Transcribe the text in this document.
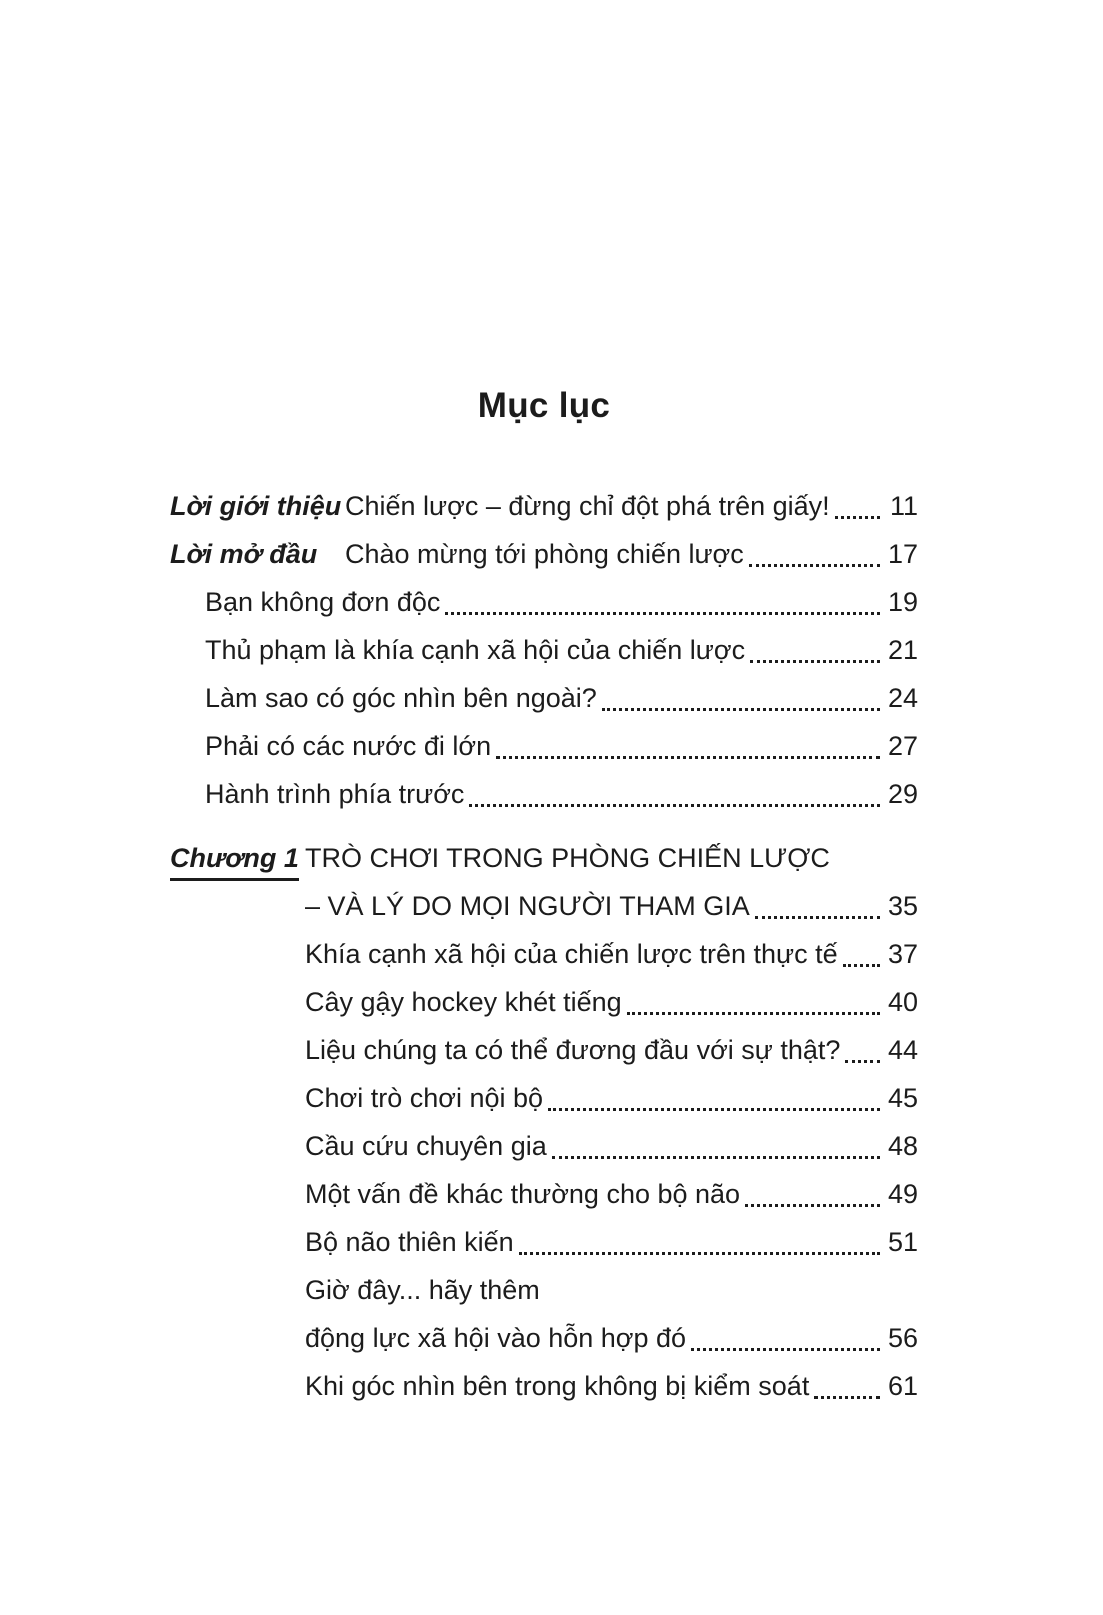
Mục lục
Lời giới thiệu Chiến lược – đừng chỉ đột phá trên giấy! 11
Lời mở đầu	Chào mừng tới phòng chiến lược	17
Bạn không đơn độc	19
Thủ phạm là khía cạnh xã hội của chiến lược	21
Làm sao có góc nhìn bên ngoài?	24
Phải có các nước đi lớn	27
Hành trình phía trước	29
Chương 1 TRÒ CHƠI TRONG PHÒNG CHIẾN LƯỢC
– VÀ LÝ DO MỌI NGƯỜI THAM GIA	35
Khía cạnh xã hội của chiến lược trên thực tế 37
Cây gậy hockey khét tiếng	40
Liệu chúng ta có thể đương đầu với sự thật? 44
Chơi trò chơi nội bộ	45
Cầu cứu chuyên gia	48
Một vấn đề khác thường cho bộ não	49
Bộ não thiên kiến	51
Giờ đây... hãy thêm
động lực xã hội vào hỗn hợp đó	56
Khi góc nhìn bên trong không bị kiểm soát	61
